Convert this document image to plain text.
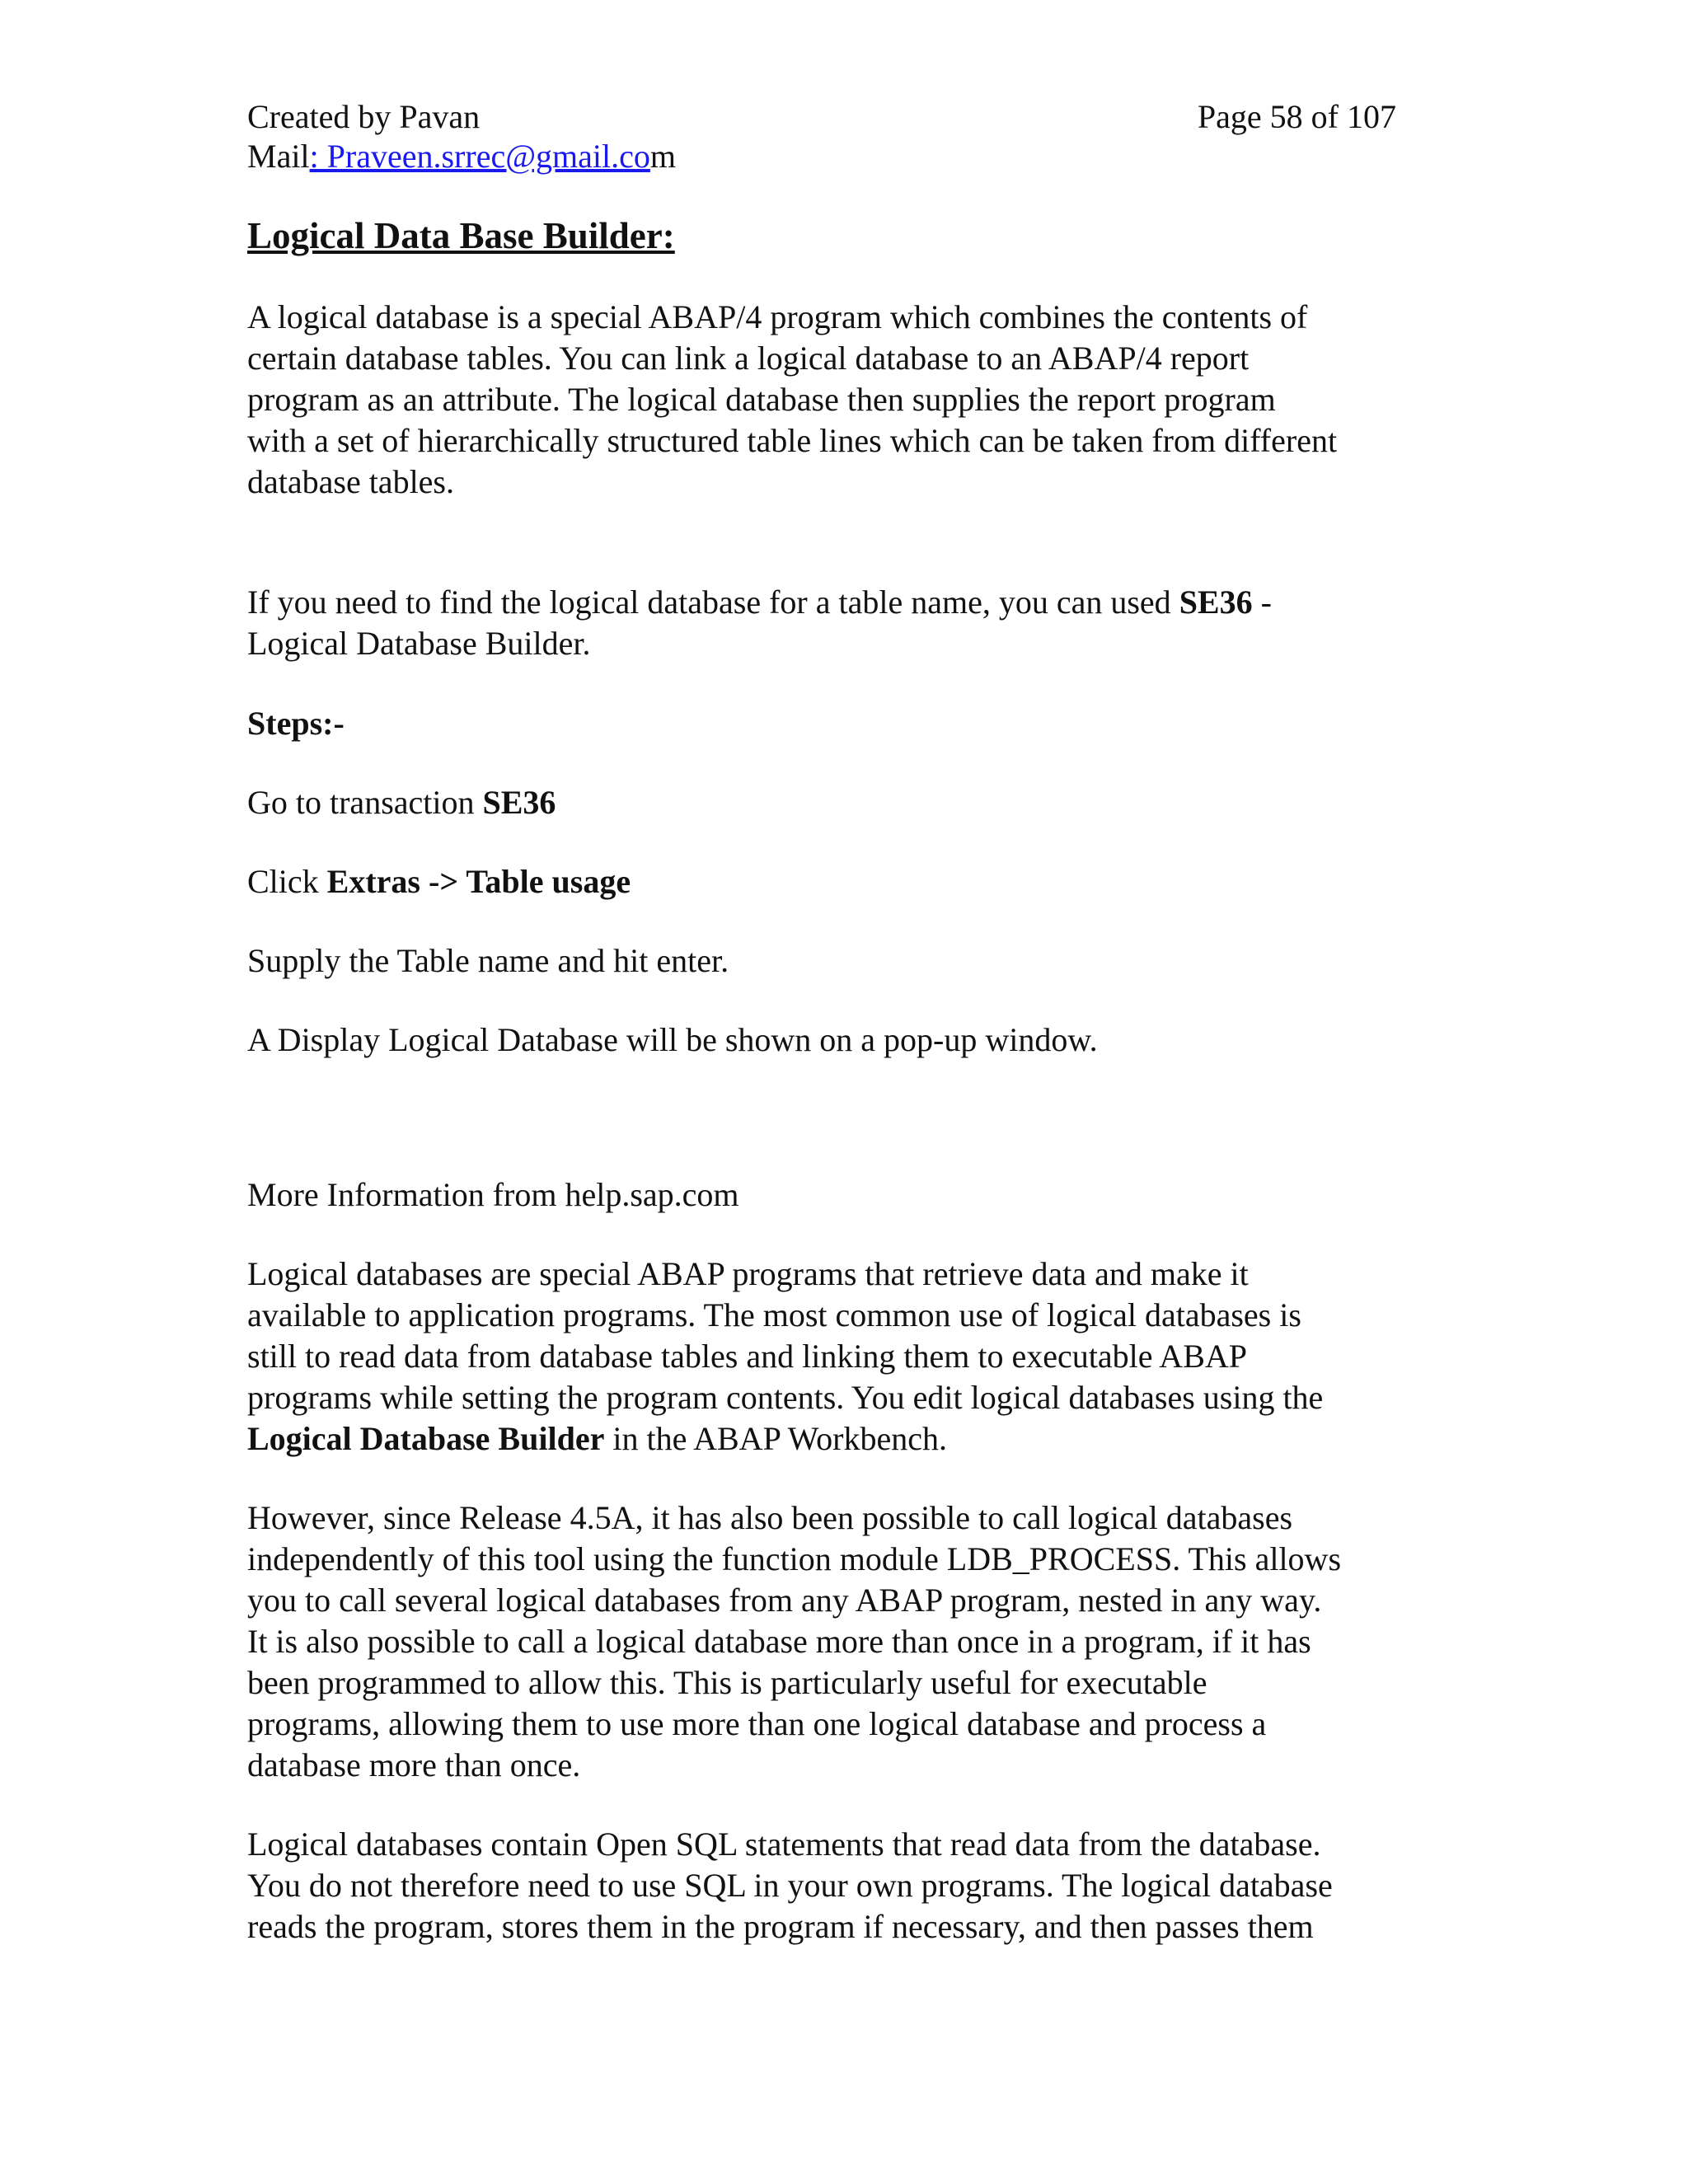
Created by Pavan	Page 58 of 107
Mail: Praveen.srrec@gmail.com
Logical Data Base Builder:
A logical database is a special ABAP/4 program which combines the contents of
certain database tables. You can link a logical database to an ABAP/4 report
program as an attribute. The logical database then supplies the report program
with a set of hierarchically structured table lines which can be taken from different
database tables.
If you need to find the logical database for a table name, you can used SE36 -
Logical Database Builder.
Steps:-
Go to transaction SE36
Click Extras -> Table usage
Supply the Table name and hit enter.
A Display Logical Database will be shown on a pop-up window.
More Information from help.sap.com
Logical databases are special ABAP programs that retrieve data and make it
available to application programs. The most common use of logical databases is
still to read data from database tables and linking them to executable ABAP
programs while setting the program contents. You edit logical databases using the
Logical Database Builder in the ABAP Workbench.
However, since Release 4.5A, it has also been possible to call logical databases
independently of this tool using the function module LDB_PROCESS. This allows
you to call several logical databases from any ABAP program, nested in any way.
It is also possible to call a logical database more than once in a program, if it has
been programmed to allow this. This is particularly useful for executable
programs, allowing them to use more than one logical database and process a
database more than once.
Logical databases contain Open SQL statements that read data from the database.
You do not therefore need to use SQL in your own programs. The logical database
reads the program, stores them in the program if necessary, and then passes them
